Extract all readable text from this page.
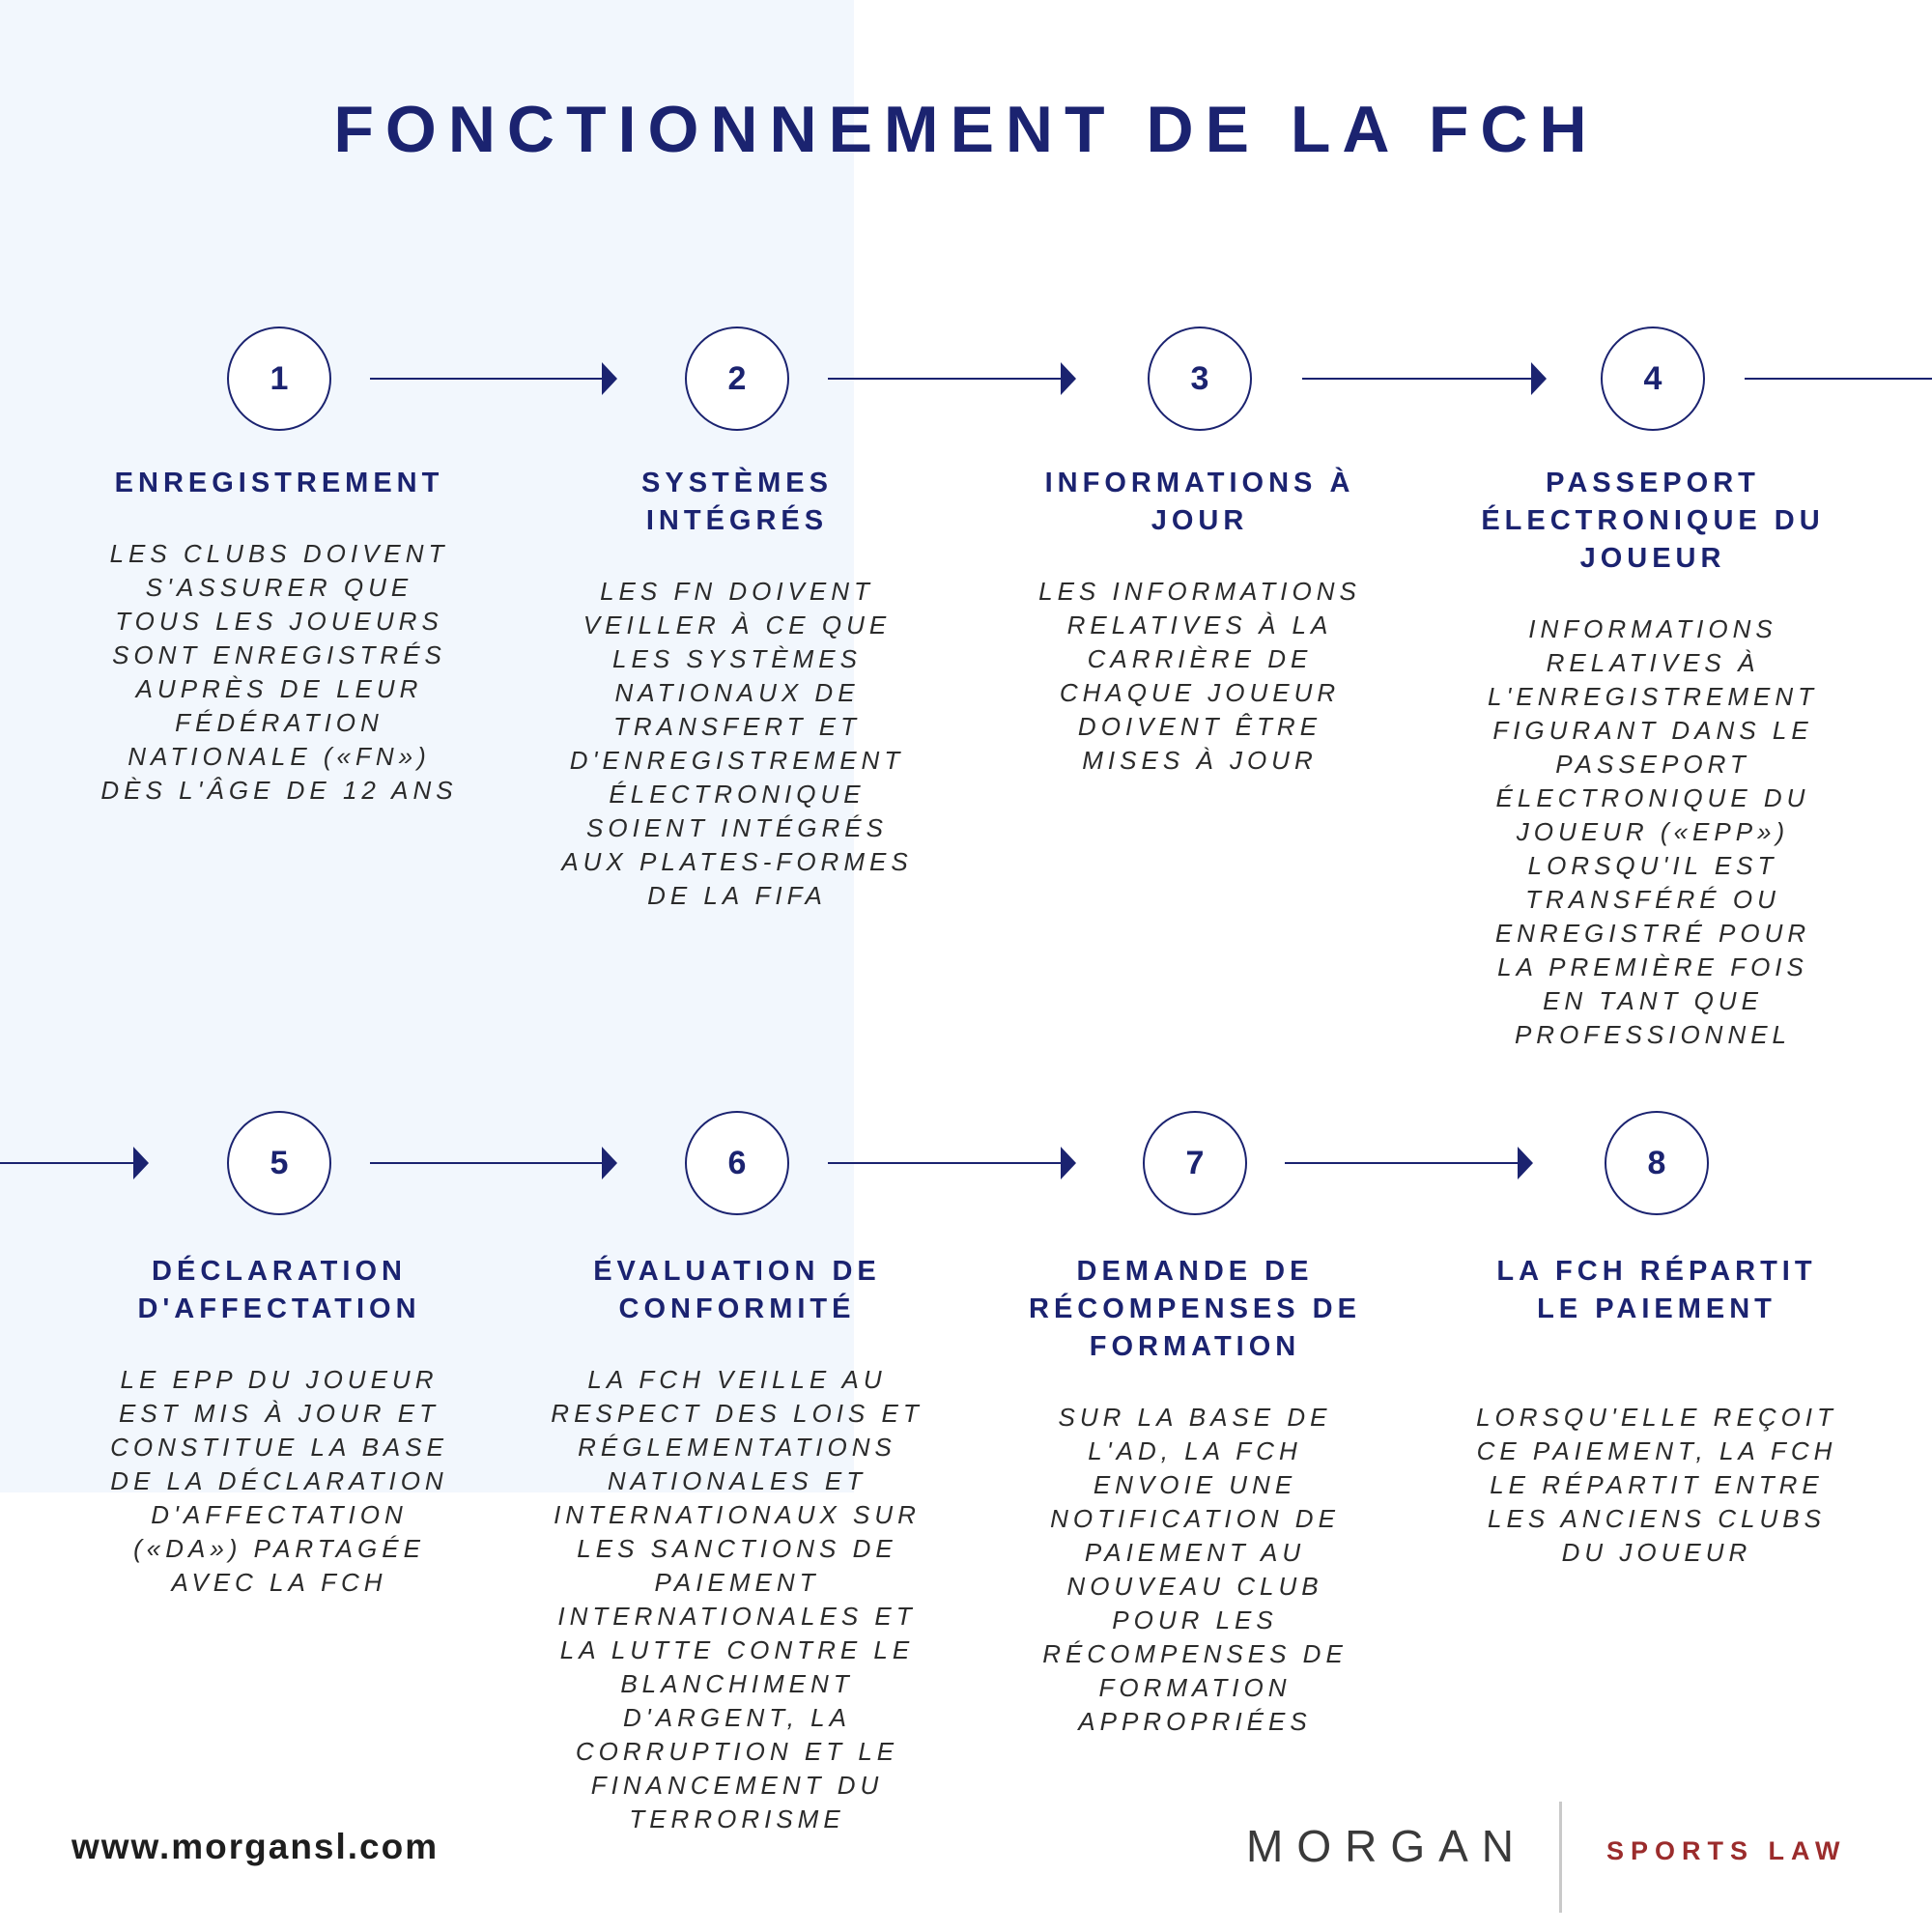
FONCTIONNEMENT DE LA FCH
1
ENREGISTREMENT
LES CLUBS DOIVENT S'ASSURER QUE TOUS LES JOUEURS SONT ENREGISTRÉS AUPRÈS DE LEUR FÉDÉRATION NATIONALE («FN») DÈS L'ÂGE DE 12 ANS
2
SYSTÈMES INTÉGRÉS
LES FN DOIVENT VEILLER À CE QUE LES SYSTÈMES NATIONAUX DE TRANSFERT ET D'ENREGISTREMENT ÉLECTRONIQUE SOIENT INTÉGRÉS AUX PLATES-FORMES DE LA FIFA
3
INFORMATIONS À JOUR
LES INFORMATIONS RELATIVES À LA CARRIÈRE DE CHAQUE JOUEUR DOIVENT ÊTRE MISES À JOUR
4
PASSEPORT ÉLECTRONIQUE DU JOUEUR
INFORMATIONS RELATIVES À L'ENREGISTREMENT FIGURANT DANS LE PASSEPORT ÉLECTRONIQUE DU JOUEUR («EPP») LORSQU'IL EST TRANSFÉRÉ OU ENREGISTRÉ POUR LA PREMIÈRE FOIS EN TANT QUE PROFESSIONNEL
5
DÉCLARATION D'AFFECTATION
LE EPP DU JOUEUR EST MIS À JOUR ET CONSTITUE LA BASE DE LA DÉCLARATION D'AFFECTATION («DA») PARTAGÉE AVEC LA FCH
6
ÉVALUATION DE CONFORMITÉ
LA FCH VEILLE AU RESPECT DES LOIS ET RÉGLEMENTATIONS NATIONALES ET INTERNATIONAUX SUR LES SANCTIONS DE PAIEMENT INTERNATIONALES ET LA LUTTE CONTRE LE BLANCHIMENT D'ARGENT, LA CORRUPTION ET LE FINANCEMENT DU TERRORISME
7
DEMANDE DE RÉCOMPENSES DE FORMATION
SUR LA BASE DE L'AD, LA FCH ENVOIE UNE NOTIFICATION DE PAIEMENT AU NOUVEAU CLUB POUR LES RÉCOMPENSES DE FORMATION APPROPRIÉES
8
LA FCH RÉPARTIT LE PAIEMENT
LORSQU'ELLE REÇOIT CE PAIEMENT, LA FCH LE RÉPARTIT ENTRE LES ANCIENS CLUBS DU JOUEUR
www.morgansl.com	MORGAN	SPORTS LAW
